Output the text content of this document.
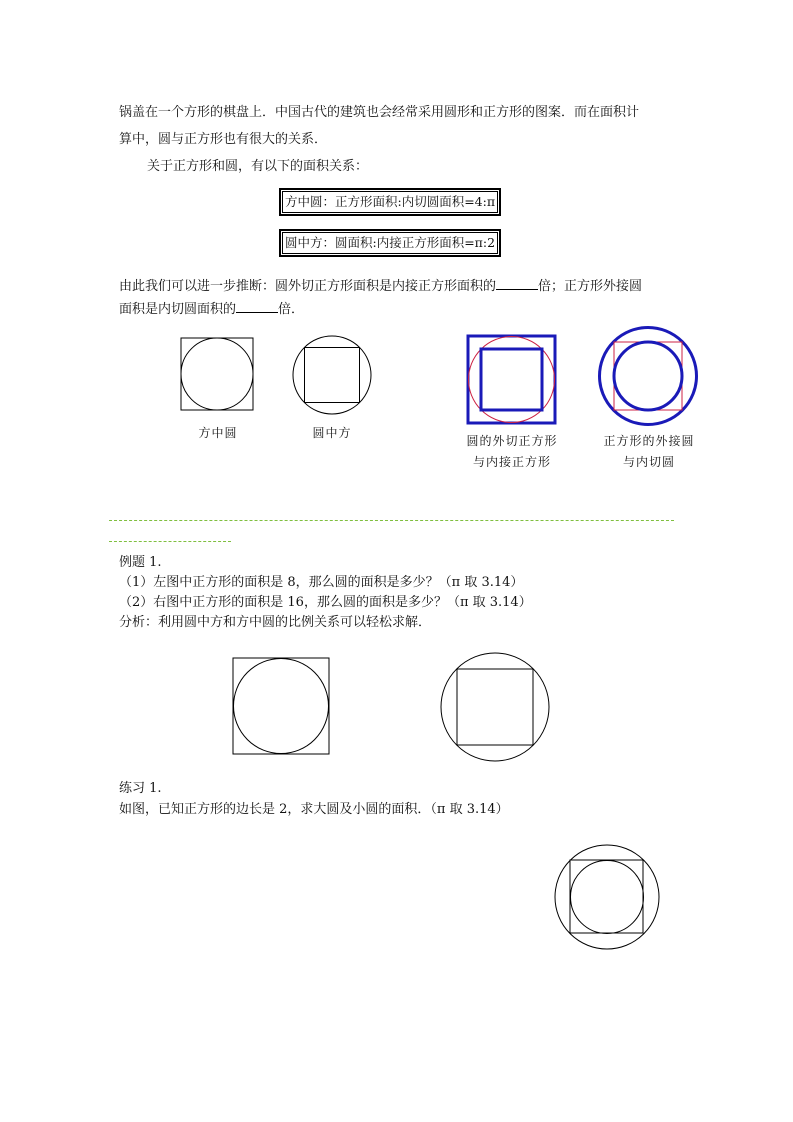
锅盖在一个方形的棋盘上．中国古代的建筑也会经常采用圆形和正方形的图案．而在面积计
算中，圆与正方形也有很大的关系．
关于正方形和圆，有以下的面积关系：
方中圆：正方形面积:内切圆面积=4:π
圆中方：圆面积:内接正方形面积=π:2
由此我们可以进一步推断：圆外切正方形面积是内接正方形面积的	倍；正方形外接圆
面积是内切圆面积的	倍．
方中圆	圆中方
圆的外切正方形
与内接正方形
正方形的外接圆
与内切圆
例题 1.
（1）左图中正方形的面积是 8，那么圆的面积是多少？（π 取 3.14）
（2）右图中正方形的面积是 16，那么圆的面积是多少？（π 取 3.14）
分析：利用圆中方和方中圆的比例关系可以轻松求解．
练习 1.
如图，已知正方形的边长是 2，求大圆及小圆的面积．（π 取 3.14）
